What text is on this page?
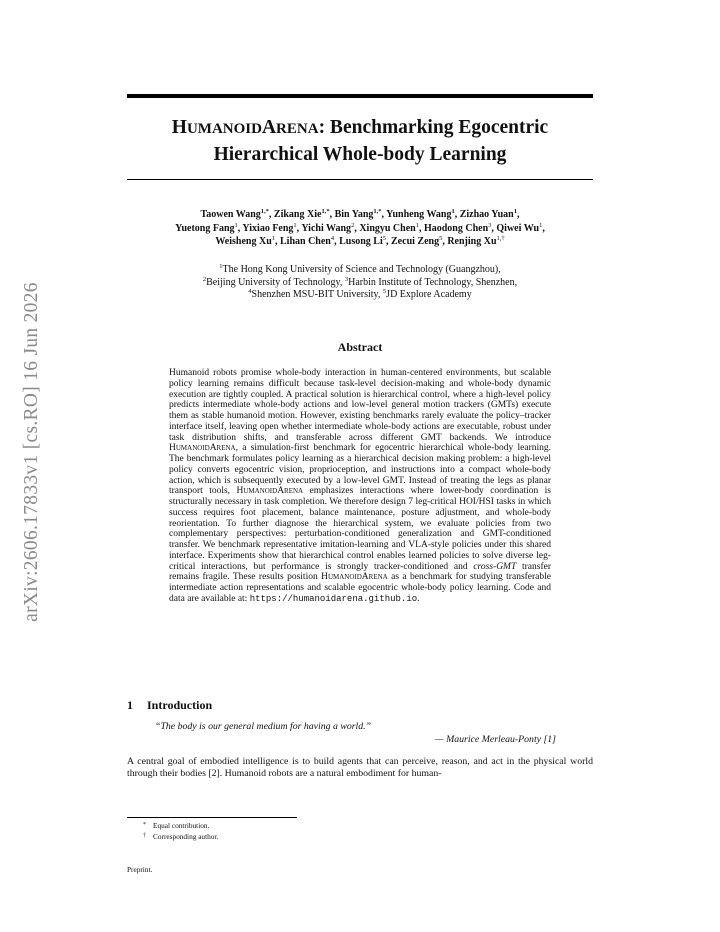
arXiv:2606.17833v1 [cs.RO] 16 Jun 2026
HUMANOIDARENA: Benchmarking Egocentric
Hierarchical Whole-body Learning
Taowen Wang$^{1,*}$, Zikang Xie$^{1,*}$, Bin Yang$^{1,*}$, Yunheng Wang$^1$, Zizhao Yuan$^1$,
Yuetong Fang$^1$, Yixiao Feng$^1$, Yichi Wang$^2$, Xingyu Chen$^1$, Haodong Chen$^3$, Qiwei Wu$^1$,
Weisheng Xu$^1$, Lihan Chen$^4$, Lusong Li$^5$, Zecui Zeng$^5$, Renjing $Xu^{1,\dagger}$
$^1$The Hong Kong University of Science and Technology (Guangzhou),
$^2$Beijing University of Technology, $^3$Harbin Institute of Technology, Shenzhen,
$^4$Shenzhen MSU-BIT University, $^5$JD Explore Academy
Abstract
Humanoid robots promise whole-body interaction in human-centered environments, but scalable policy learning remains difficult because task-level decision-making and whole-body dynamic execution are tightly coupled. A practical solution is hierarchical control, where a high-level policy predicts intermediate whole-body actions and low-level general motion trackers (GMTs) execute them as stable humanoid motion. However, existing benchmarks rarely evaluate the policy–tracker interface itself, leaving open whether intermediate whole-body actions are executable, robust under task distribution shifts, and transferable across different GMT backends. We introduce HumanoidArena, a simulation-first benchmark for egocentric hierarchical whole-body learning. The benchmark formulates policy learning as a hierarchical decision making problem: a high-level policy converts egocentric vision, proprioception, and instructions into a compact whole-body action, which is subsequently executed by a low-level GMT. Instead of treating the legs as planar transport tools, HumanoidArena emphasizes interactions where lower-body coordination is structurally necessary in task completion. We therefore design 7 leg-critical HOI/HSI tasks in which success requires foot placement, balance maintenance, posture adjustment, and whole-body reorientation. To further diagnose the hierarchical system, we evaluate policies from two complementary perspectives: perturbation-conditioned generalization and GMT-conditioned transfer. We benchmark representative imitation-learning and VLA-style policies under this shared interface. Experiments show that hierarchical control enables learned policies to solve diverse leg-critical interactions, but performance is strongly tracker-conditioned and cross-GMT transfer remains fragile. These results position HumanoidArena as a benchmark for studying transferable intermediate action representations and scalable egocentric whole-body policy learning. Code and data are available at: https://humanoidarena.github.io.
1 Introduction
“The body is our general medium for having a world.”
— Maurice Merleau-Ponty [1]
A central goal of embodied intelligence is to build agents that can perceive, reason, and act in the physical world through their bodies [2]. Humanoid robots are a natural embodiment for human-
* Equal contribution.
† Corresponding author.
Preprint.
